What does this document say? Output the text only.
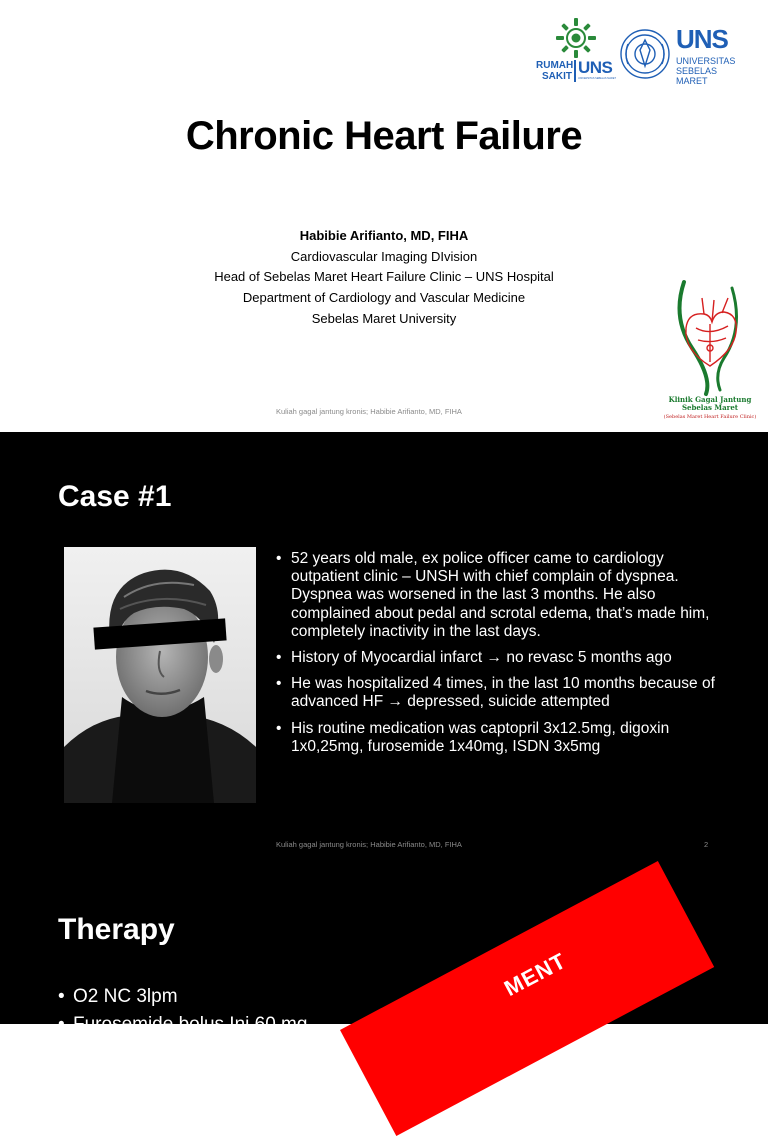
RUMAH
SAKIT UNS
UNIVERSITAS SEBELAS MARET
UNS
UNIVERSITAS
SEBELAS MARET
Chronic Heart Failure
Habibie Arifianto, MD, FIHA
Cardiovascular Imaging DIvision
Head of Sebelas Maret Heart Failure Clinic – UNS Hospital
Department of Cardiology and Vascular Medicine
Sebelas Maret University
Kuliah gagal jantung kronis; Habibie Arifianto, MD, FIHA
Klinik Gagal Jantung
Sebelas Maret
(Sebelas Maret Heart Failure Clinic)
Case #1
• 52 years old male, ex police officer came to cardiology outpatient clinic – UNSH with chief complain of dyspnea. Dyspnea was worsened in the last 3 months. He also complained about pedal and scrotal edema, that’s made him, completely inactivity in the last days.
• History of Myocardial infarct → no revasc 5 months ago
• He was hospitalized 4 times, in the last 10 months because of advanced HF → depressed, suicide attempted
• His routine medication was captopril 3x12.5mg, digoxin 1x0,25mg, furosemide 1x40mg, ISDN 3x5mg
Kuliah gagal jantung kronis; Habibie Arifianto, MD, FIHA	2
Therapy
• O2 NC 3lpm
• Furosemide bolus Inj 60 mg
MENT
